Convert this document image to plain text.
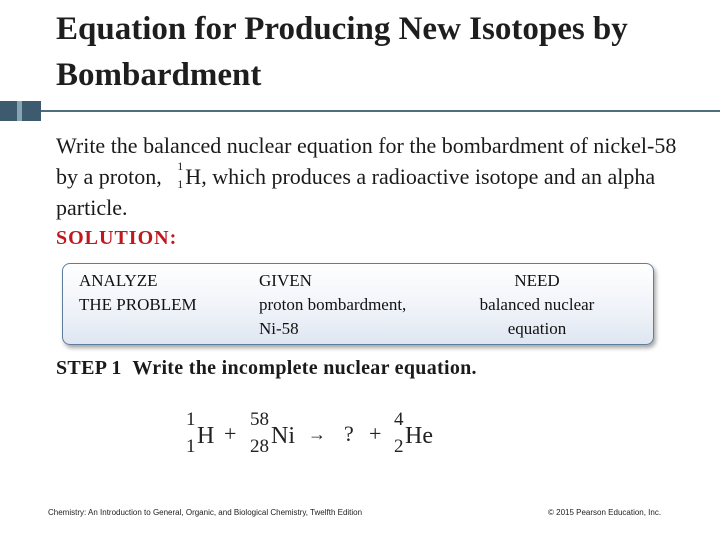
Equation for Producing New Isotopes by Bombardment
Write the balanced nuclear equation for the bombardment of nickel-58 by a proton, 1
1 H , which produces a radioactive isotope and an alpha particle.
SOLUTION:
ANALYZE
THE PROBLEM
GIVEN
proton bombardment,
Ni-58
NEED
balanced nuclear
equation
STEP 1 Write the incomplete nuclear equation.
1
1 H +
58
28 Ni → ? +
4
2 He
Chemistry: An Introduction to General, Organic, and Biological Chemistry, Twelfth Edition	© 2015 Pearson Education, Inc.
